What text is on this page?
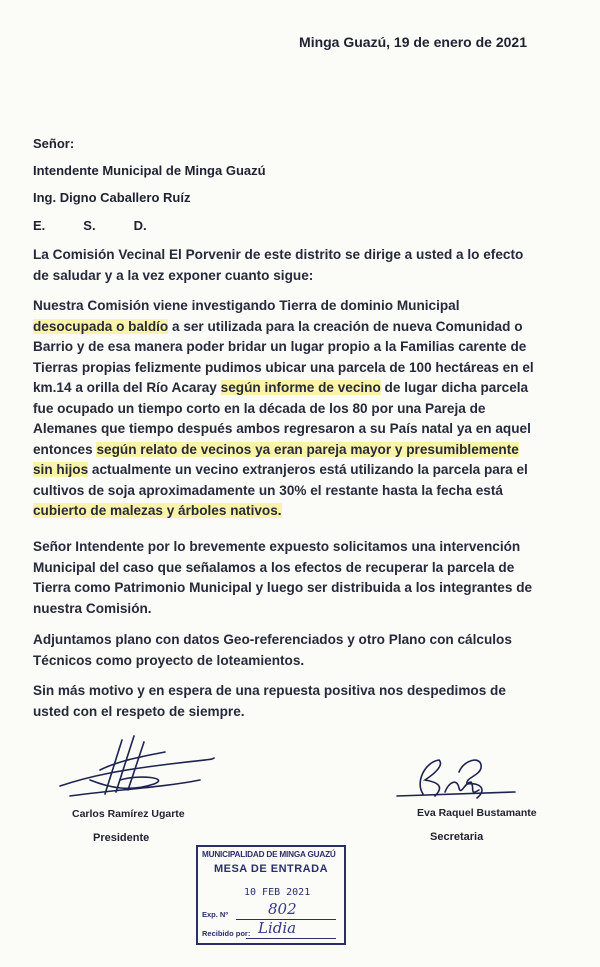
Minga Guazú, 19 de enero de 2021
Señor:
Intendente Municipal de Minga Guazú
Ing. Digno Caballero Ruíz
E.	S.	D.
La Comisión Vecinal El Porvenir de este distrito se dirige a usted a lo efecto de saludar y a la vez exponer cuanto sigue:
Nuestra Comisión viene investigando Tierra de dominio Municipal desocupada o baldío a ser utilizada para la creación de nueva Comunidad o Barrio y de esa manera poder bridar un lugar propio a la Familias carente de Tierras propias felizmente pudimos ubicar una parcela de 100 hectáreas en el km.14 a orilla del Río Acaray según informe de vecino de lugar dicha parcela fue ocupado un tiempo corto en la década de los 80 por una Pareja de Alemanes que tiempo después ambos regresaron a su País natal ya en aquel entonces según relato de vecinos ya eran pareja mayor y presumiblemente sin hijos actualmente un vecino extranjeros está utilizando la parcela para el cultivos de soja aproximadamente un 30% el restante hasta la fecha está cubierto de malezas y árboles nativos.
Señor Intendente por lo brevemente expuesto solicitamos una intervención Municipal del caso que señalamos a los efectos de recuperar la parcela de Tierra como Patrimonio Municipal y luego ser distribuida a los integrantes de nuestra Comisión.
Adjuntamos plano con datos Geo-referenciados y otro Plano con cálculos Técnicos como proyecto de loteamientos.
Sin más motivo y en espera de una repuesta positiva nos despedimos de usted con el respeto de siempre.
Carlos Ramírez Ugarte
Presidente
Eva Raquel Bustamante
Secretaria
MUNICIPALIDAD DE MINGA GUAZÚ
MESA DE ENTRADA
10 FEB 2021
Exp. Nº	802
Recibido por: Lidia
